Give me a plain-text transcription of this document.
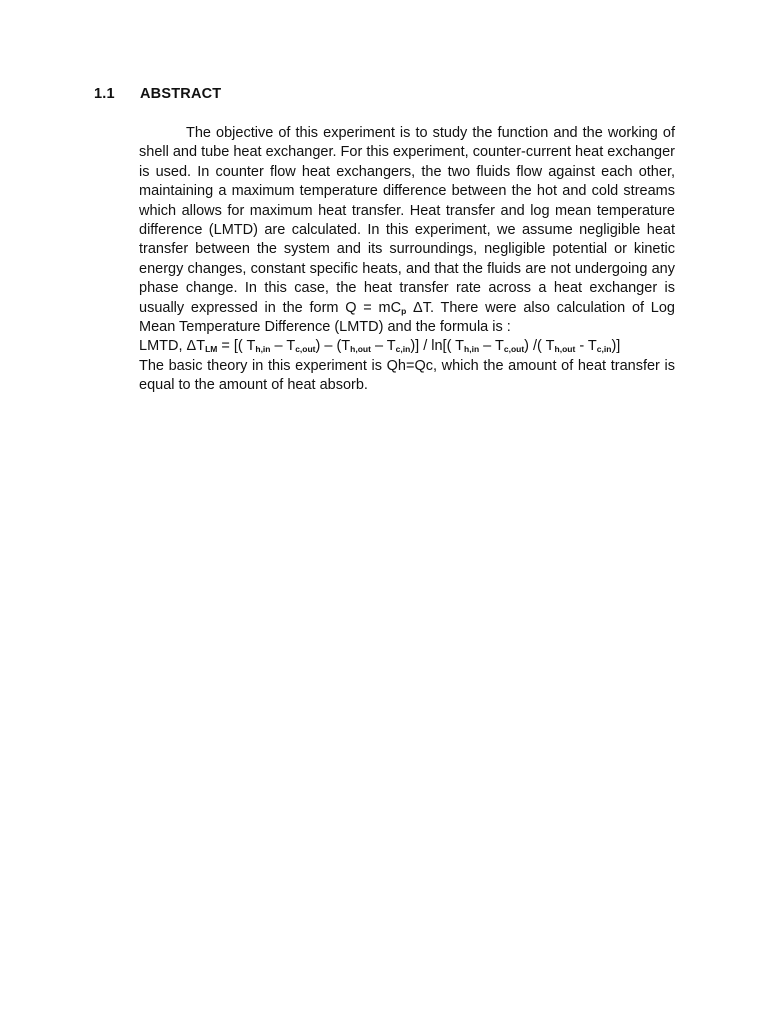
1.1 ABSTRACT

The objective of this experiment is to study the function and the working of shell and tube heat exchanger. For this experiment, counter-current heat exchanger is used. In counter flow heat exchangers, the two fluids flow against each other, maintaining a maximum temperature difference between the hot and cold streams which allows for maximum heat transfer. Heat transfer and log mean temperature difference (LMTD) are calculated. In this experiment, we assume negligible heat transfer between the system and its surroundings, negligible potential or kinetic energy changes, constant specific heats, and that the fluids are not undergoing any phase change. In this case, the heat transfer rate across a heat exchanger is usually expressed in the form $Q = mC_p$ ΔT. There were also calculation of Log Mean Temperature Difference (LMTD) and the formula is :

LMTD, $\Delta T_{LM}$ = [( $T_{h,in} - T_{c,out}) - (T_{h,out} - T_{c,in})] / \ln$[( $T_{h,in} - T_{c,out}$) /( $T_{h,out} - T_{c,in}$)]

The basic theory in this experiment is Qh=Qc, which the amount of heat transfer is equal to the amount of heat absorb.
